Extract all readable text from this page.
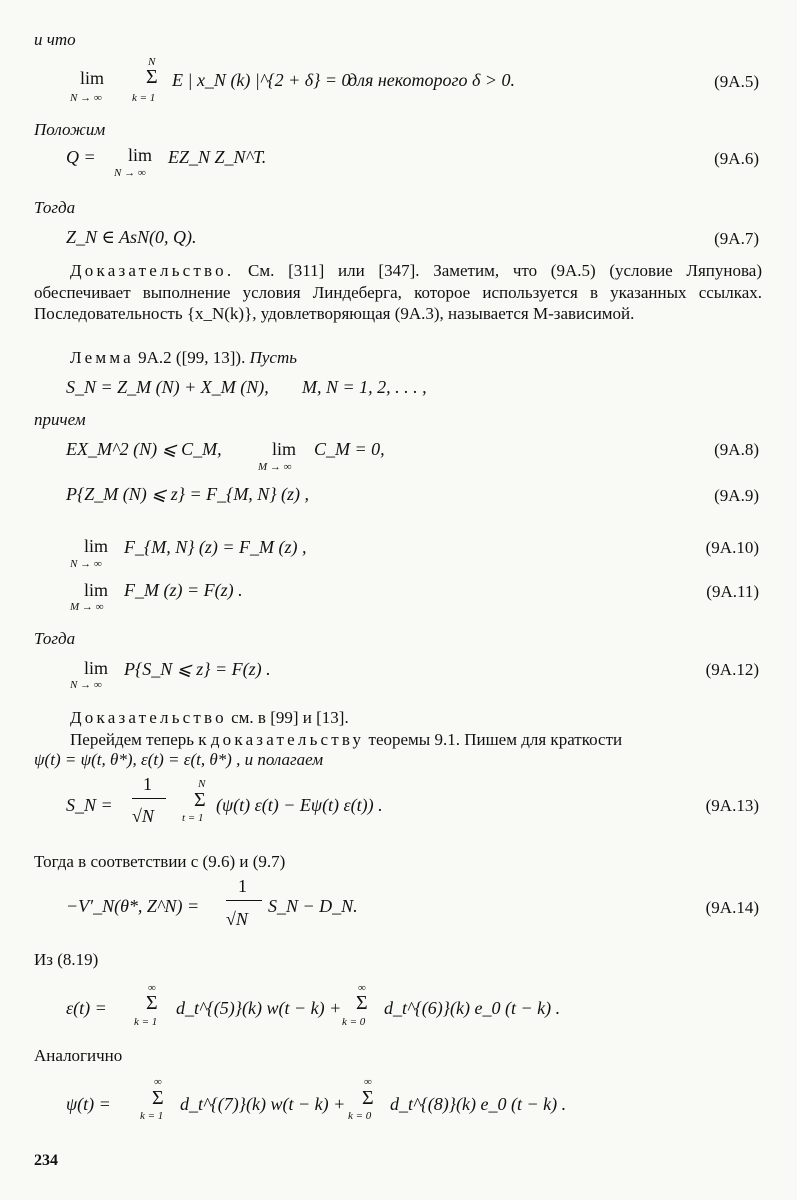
и что
lim
N → ∞
N
Σ
k = 1
E | x_N (k) |^{2 + δ} = 0
для некоторого δ > 0.	(9A.5)
Положим
Q = lim
N → ∞
EZ_N Z_N^T.	(9A.6)
Тогда
Z_N ∈ AsN(0, Q).	(9A.7)
Доказательство. См. [311] или [347]. Заметим, что (9A.5) (условие Ляпунова) обеспечивает выполнение условия Линдеберга, которое используется в указанных ссылках. Последовательность {x_N(k)}, удовлетворяющая (9A.3), называется M-зависимой.
Лемма 9A.2 ([99, 13]). Пусть
S_N = Z_M (N) + X_M (N), M, N = 1, 2, . . . ,
причем
EX_M^2 (N) ⩽ C_M,	lim
M → ∞
C_M = 0,	(9A.8)
P{Z_M (N) ⩽ z} = F_{M, N} (z) ,	(9A.9)
lim
N → ∞
F_{M, N} (z) = F_M (z) ,	(9A.10)
lim
M → ∞
F_M (z) = F(z) .	(9A.11)
Тогда
lim
N → ∞
P{S_N ⩽ z} = F(z) .	(9A.12)
Доказательство см. в [99] и [13].
Перейдем теперь к доказательству теоремы 9.1. Пишем для краткости
ψ(t) = ψ(t, θ*), ε(t) = ε(t, θ*) , и полагаем
S_N =
1
√N
N
Σ
t = 1
(ψ(t) ε(t) − Eψ(t) ε(t)) .	(9A.13)
Тогда в соответствии с (9.6) и (9.7)
−V′_N(θ*, Z^N) =
1
√N
S_N − D_N.	(9A.14)
Из (8.19)
ε(t) =
∞
Σ
k = 1
d_t^{(5)}(k) w(t − k) +
∞
Σ
k = 0
d_t^{(6)}(k) e_0 (t − k) .
Аналогично
ψ(t) =
∞
Σ
k = 1
d_t^{(7)}(k) w(t − k) +
∞
Σ
k = 0
d_t^{(8)}(k) e_0 (t − k) .
234
